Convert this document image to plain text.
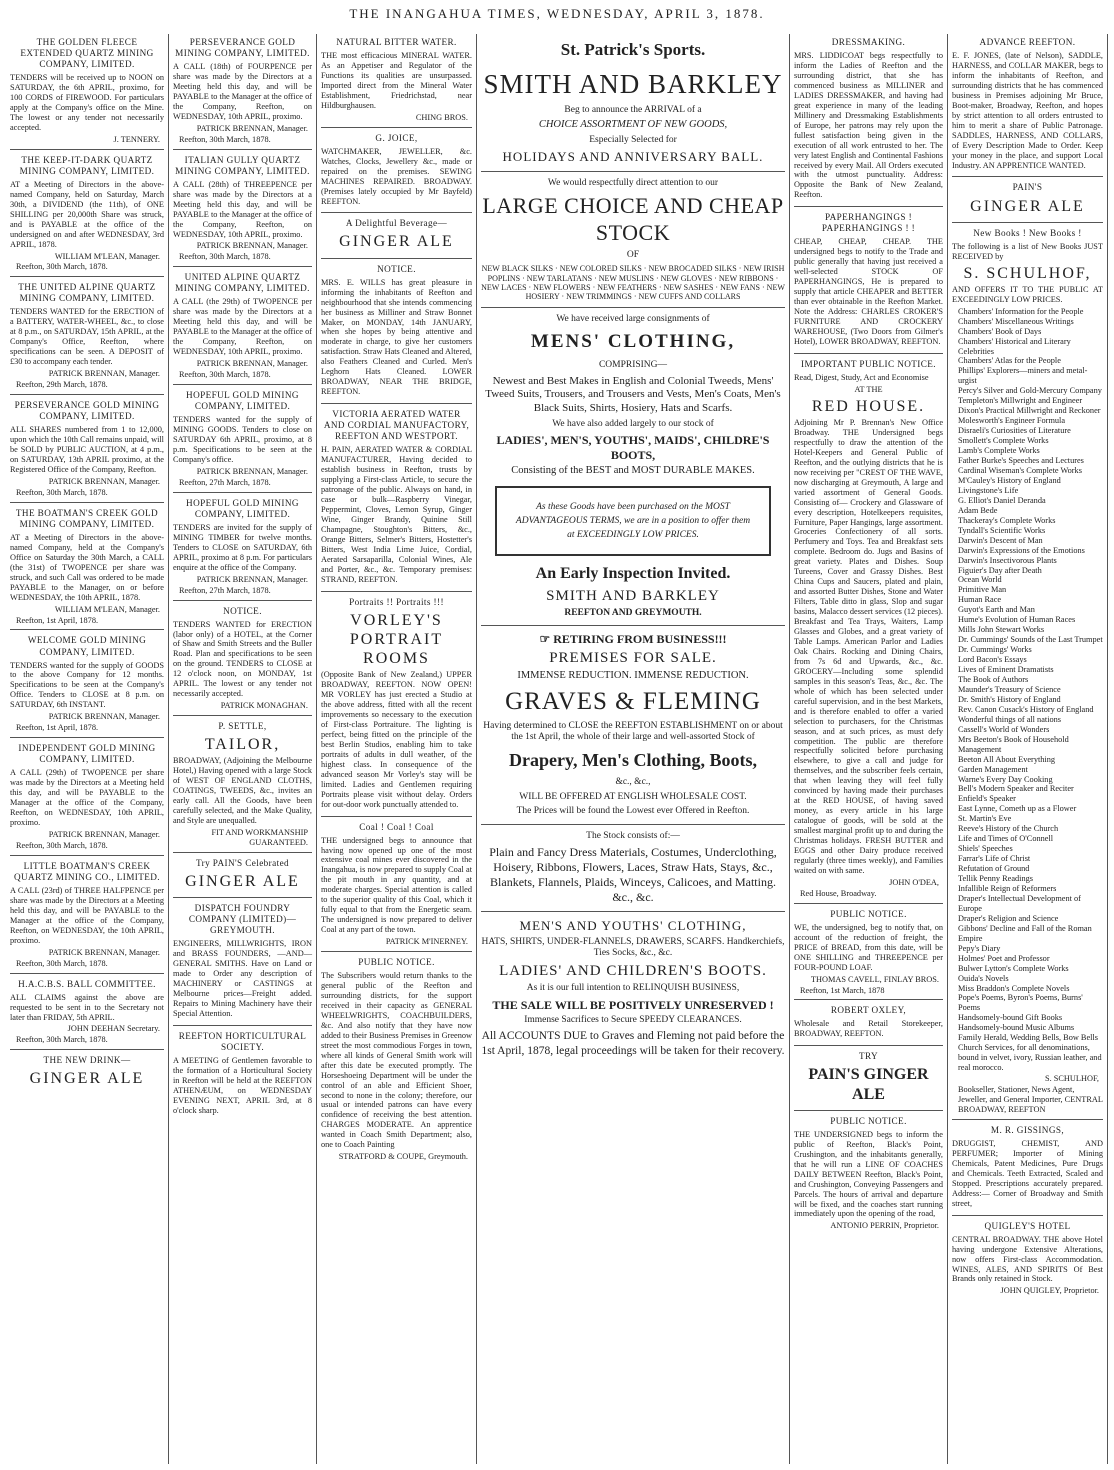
THE INANGAHUA TIMES, WEDNESDAY, APRIL 3, 1878.
THE GOLDEN FLEECE EXTENDED QUARTZ MINING COMPANY, LIMITED.
TENDERS will be received up to NOON on SATURDAY, the 6th APRIL, proximo, for 100 CORDS of FIREWOOD. For particulars apply at the Company's office on the Mine. The lowest or any tender not necessarily accepted.
J. TENNERY.
THE KEEP-IT-DARK QUARTZ MINING COMPANY, LIMITED.
AT a Meeting of Directors in the above-named Company, held on Saturday, March 30th, a DIVIDEND (the 11th), of ONE SHILLING per 20,000th Share was struck, and is PAYABLE at the office of the undersigned on and after WEDNESDAY, 3rd APRIL, 1878.
WILLIAM M'LEAN, Manager.
Reefton, 30th March, 1878.
THE UNITED ALPINE QUARTZ MINING COMPANY, LIMITED.
TENDERS WANTED for the ERECTION of a BATTERY, WATER-WHEEL, &c., to close at 8 p.m., on SATURDAY, 15th APRIL, at the Company's Office, Reefton, where specifications can be seen. A DEPOSIT of £30 to accompany each tender.
PATRICK BRENNAN, Manager.
Reefton, 29th March, 1878.
PERSEVERANCE GOLD MINING COMPANY, LIMITED.
ALL SHARES numbered from 1 to 12,000, upon which the 10th Call remains unpaid, will be SOLD by PUBLIC AUCTION, at 4 p.m., on SATURDAY, 13th APRIL proximo, at the Registered Office of the Company, Reefton.
PATRICK BRENNAN, Manager.
Reefton, 30th March, 1878.
THE BOATMAN'S CREEK GOLD MINING COMPANY, LIMITED.
AT a Meeting of Directors in the above-named Company, held at the Company's Office on Saturday the 30th March, a CALL (the 31st) of TWOPENCE per share was struck, and such Call was ordered to be made PAYABLE to the Manager, on or before WEDNESDAY, the 10th APRIL, 1878.
WILLIAM M'LEAN, Manager.
Reefton, 1st April, 1878.
WELCOME GOLD MINING COMPANY, LIMITED.
TENDERS wanted for the supply of GOODS to the above Company for 12 months. Specifications to be seen at the Company's Office. Tenders to CLOSE at 8 p.m. on SATURDAY, 6th INSTANT.
PATRICK BRENNAN, Manager.
Reefton, 1st April, 1878.
INDEPENDENT GOLD MINING COMPANY, LIMITED.
A CALL (29th) of TWOPENCE per share was made by the Directors at a Meeting held this day, and will be PAYABLE to the Manager at the office of the Company, Reefton, on WEDNESDAY, 10th APRIL, proximo.
PATRICK BRENNAN, Manager.
Reefton, 30th March, 1878.
LITTLE BOATMAN'S CREEK QUARTZ MINING CO., LIMITED.
A CALL (23rd) of THREE HALFPENCE per share was made by the Directors at a Meeting held this day, and will be PAYABLE to the Manager at the office of the Company, Reefton, on WEDNESDAY, the 10th APRIL, proximo.
PATRICK BRENNAN, Manager.
Reefton, 30th March, 1878.
H.A.C.B.S. BALL COMMITTEE.
ALL CLAIMS against the above are requested to be sent in to the Secretary not later than FRIDAY, 5th APRIL.
JOHN DEEHAN Secretary.
Reefton, 30th March, 1878.
THE NEW DRINK—
GINGER ALE
PERSEVERANCE GOLD MINING COMPANY, LIMITED.
A CALL (18th) of FOURPENCE per share was made by the Directors at a Meeting held this day, and will be PAYABLE to the Manager at the office of the Company, Reefton, on WEDNESDAY, 10th APRIL, proximo.
PATRICK BRENNAN, Manager.
Reefton, 30th March, 1878.
ITALIAN GULLY QUARTZ MINING COMPANY, LIMITED.
A CALL (28th) of THREEPENCE per share was made by the Directors at a Meeting held this day, and will be PAYABLE to the Manager at the office of the Company, Reefton, on WEDNESDAY, 10th APRIL, proximo.
PATRICK BRENNAN, Manager.
Reefton, 30th March, 1878.
UNITED ALPINE QUARTZ MINING COMPANY, LIMITED.
A CALL (the 29th) of TWOPENCE per share was made by the Directors at a Meeting held this day, and will be PAYABLE to the Manager at the office of the Company, Reefton, on WEDNESDAY, 10th APRIL, proximo.
PATRICK BRENNAN, Manager.
Reefton, 30th March, 1878.
HOPEFUL GOLD MINING COMPANY, LIMITED.
TENDERS wanted for the supply of MINING GOODS. Tenders to close on SATURDAY 6th APRIL, proximo, at 8 p.m. Specifications to be seen at the Company's office.
PATRICK BRENNAN, Manager.
Reefton, 27th March, 1878.
HOPEFUL GOLD MINING COMPANY, LIMITED.
TENDERS are invited for the supply of MINING TIMBER for twelve months. Tenders to CLOSE on SATURDAY, 6th APRIL, proximo at 8 p.m. For particulars enquire at the office of the Company.
PATRICK BRENNAN, Manager.
Reefton, 27th March, 1878.
NOTICE.
TENDERS WANTED for ERECTION (labor only) of a HOTEL, at the Corner of Shaw and Smith Streets and the Buller Road. Plan and specifications to be seen on the ground. TENDERS to CLOSE at 12 o'clock noon, on MONDAY, 1st APRIL. The lowest or any tender not necessarily accepted.
PATRICK MONAGHAN.
P. SETTLE,
TAILOR,
BROADWAY, (Adjoining the Melbourne Hotel,) Having opened with a large Stock of WEST OF ENGLAND CLOTHS, COATINGS, TWEEDS, &c., invites an early call. All the Goods, have been carefully selected, and the Make Quality, and Style are unequalled.
FIT AND WORKMANSHIP GUARANTEED.
Try PAIN'S Celebrated
GINGER ALE
DISPATCH FOUNDRY COMPANY (LIMITED)—GREYMOUTH.
ENGINEERS, MILLWRIGHTS, IRON and BRASS FOUNDERS, —AND— GENERAL SMITHS. Have on Land or made to Order any description of MACHINERY or CASTINGS at Melbourne prices—Freight added. Repairs to Mining Machinery have their Special Attention.
REEFTON HORTICULTURAL SOCIETY.
A MEETING of Gentlemen favorable to the formation of a Horticultural Society in Reefton will be held at the REEFTON ATHENÆUM, on WEDNESDAY EVENING NEXT, APRIL 3rd, at 8 o'clock sharp.
NATURAL BITTER WATER.
THE most efficacious MINERAL WATER. As an Appetiser and Regulator of the Functions its qualities are unsurpassed. Imported direct from the Mineral Water Establishment, Friedrichstad, near Hildburghausen.
CHING BROS.
G. JOICE,
WATCHMAKER, JEWELLER, &c. Watches, Clocks, Jewellery &c., made or repaired on the premises. SEWING MACHINES REPAIRED. BROADWAY. (Premises lately occupied by Mr Bayfeld) REEFTON.
A Delightful Beverage—
GINGER ALE
NOTICE.
MRS. E. WILLS has great pleasure in informing the inhabitants of Reefton and neighbourhood that she intends commencing her business as Milliner and Straw Bonnet Maker, on MONDAY, 14th JANUARY, when she hopes by being attentive and moderate in charge, to give her customers satisfaction. Straw Hats Cleaned and Altered, also Feathers Cleaned and Curled. Men's Leghorn Hats Cleaned. LOWER BROADWAY, NEAR THE BRIDGE, REEFTON.
VICTORIA AERATED WATER AND CORDIAL MANUFACTORY, REEFTON AND WESTPORT.
H. PAIN, AERATED WATER & CORDIAL MANUFACTURER, Having decided to establish business in Reefton, trusts by supplying a First-class Article, to secure the patronage of the public. Always on hand, in case or bulk—Raspberry Vinegar, Peppermint, Cloves, Lemon Syrup, Ginger Wine, Ginger Brandy, Quinine Still Champagne, Stoughton's Bitters, &c., Orange Bitters, Selmer's Bitters, Hostetter's Bitters, West India Lime Juice, Cordial, Aerated Sarsaparilla, Colonial Wines, Ale and Porter, &c., &c. Temporary premises: STRAND, REEFTON.
Portraits !! Portraits !!!
VORLEY'S PORTRAIT ROOMS
(Opposite Bank of New Zealand,) UPPER BROADWAY, REEFTON. NOW OPEN! MR VORLEY has just erected a Studio at the above address, fitted with all the recent improvements so necessary to the execution of First-class Portraiture. The lighting is perfect, being fitted on the principle of the best Berlin Studios, enabling him to take portraits of adults in dull weather, of the highest class. In consequence of the advanced season Mr Vorley's stay will be limited. Ladies and Gentlemen requiring Portraits please visit without delay. Orders for out-door work punctually attended to.
Coal ! Coal ! Coal
THE undersigned begs to announce that having now opened up one of the most extensive coal mines ever discovered in the Inangahua, is now prepared to supply Coal at the pit mouth in any quantity, and at moderate charges. Special attention is called to the superior quality of this Coal, which it fully equal to that from the Energetic seam. The undersigned is now prepared to deliver Coal at any part of the town.
PATRICK M'INERNEY.
PUBLIC NOTICE.
The Subscribers would return thanks to the general public of the Reefton and surrounding districts, for the support received in their capacity as GENERAL WHEELWRIGHTS, COACHBUILDERS, &c. And also notify that they have now added to their Business Premises in Greenow street the most commodious Forges in town, where all kinds of General Smith work will after this date be executed promptly. The Horseshoeing Department will be under the control of an able and Efficient Shoer, second to none in the colony; therefore, our usual or intended patrons can have every confidence of receiving the best attention. CHARGES MODERATE. An apprentice wanted in Coach Smith Department; also, one to Coach Painting
STRATFORD & COUPE, Greymouth.
St. Patrick's Sports.
SMITH AND BARKLEY
Beg to announce the ARRIVAL of a
CHOICE ASSORTMENT OF NEW GOODS,
Especially Selected for
HOLIDAYS AND ANNIVERSARY BALL.
We would respectfully direct attention to our
LARGE CHOICE AND CHEAP STOCK
OF
NEW BLACK SILKS · NEW COLORED SILKS · NEW BROCADED SILKS · NEW IRISH POPLINS · NEW TARLATANS · NEW MUSLINS · NEW GLOVES · NEW RIBBONS · NEW LACES · NEW FLOWERS · NEW FEATHERS · NEW SASHES · NEW FANS · NEW HOSIERY · NEW TRIMMINGS · NEW CUFFS AND COLLARS
We have received large consignments of
MENS' CLOTHING,
COMPRISING—
Newest and Best Makes in English and Colonial Tweeds, Mens' Tweed Suits, Trousers, and Trousers and Vests, Men's Coats, Men's Black Suits, Shirts, Hosiery, Hats and Scarfs.
We have also added largely to our stock of
LADIES', MEN'S, YOUTHS', MAIDS', CHILDRE'S BOOTS,
Consisting of the BEST and MOST DURABLE MAKES.
As these Goods have been purchased on the MOST ADVANTAGEOUS TERMS, we are in a position to offer them at EXCEEDINGLY LOW PRICES.
An Early Inspection Invited.
SMITH AND BARKLEY
REEFTON AND GREYMOUTH.
☞ RETIRING FROM BUSINESS!!!
PREMISES FOR SALE.
IMMENSE REDUCTION. IMMENSE REDUCTION.
GRAVES & FLEMING
Having determined to CLOSE the REEFTON ESTABLISHMENT on or about the 1st April, the whole of their large and well-assorted Stock of
Drapery, Men's Clothing, Boots,
&c., &c.,
WILL BE OFFERED AT ENGLISH WHOLESALE COST.
The Prices will be found the Lowest ever Offered in Reefton.
The Stock consists of:—
Plain and Fancy Dress Materials, Costumes, Underclothing, Hoisery, Ribbons, Flowers, Laces, Straw Hats, Stays, &c., Blankets, Flannels, Plaids, Winceys, Calicoes, and Matting. &c., &c.
MEN'S AND YOUTHS' CLOTHING,
HATS, SHIRTS, UNDER-FLANNELS, DRAWERS, SCARFS. Handkerchiefs, Ties Socks, &c., &c.
LADIES' AND CHILDREN'S BOOTS.
As it is our full intention to RELINQUISH BUSINESS,
THE SALE WILL BE POSITIVELY UNRESERVED !
Immense Sacrifices to Secure SPEEDY CLEARANCES.
All ACCOUNTS DUE to Graves and Fleming not paid before the 1st April, 1878, legal proceedings will be taken for their recovery.
DRESSMAKING.
MRS. LIDDICOAT begs respectfully to inform the Ladies of Reefton and the surrounding district, that she has commenced business as MILLINER and LADIES DRESSMAKER, and having had great experience in many of the leading Millinery and Dressmaking Establishments of Europe, her patrons may rely upon the fullest satisfaction being given in the execution of all work entrusted to her. The very latest English and Continental Fashions received by every Mail. All Orders executed with the utmost punctuality. Address: Opposite the Bank of New Zealand, Reefton.
PAPERHANGINGS ! PAPERHANGINGS ! !
CHEAP, CHEAP, CHEAP. THE undersigned begs to notify to the Trade and public generally that having just received a well-selected STOCK OF PAPERHANGINGS, He is prepared to supply that article CHEAPER and BETTER than ever obtainable in the Reefton Market. Note the Address: CHARLES CROKER'S FURNITURE AND CROCKERY WAREHOUSE, (Two Doors from Gilmer's Hotel), LOWER BROADWAY, REEFTON.
IMPORTANT PUBLIC NOTICE.
Read, Digest, Study, Act and Economise
AT THE
RED HOUSE.
Adjoining Mr P. Brennan's New Office Broadway. THE Undersigned begs respectfully to draw the attention of the Hotel-Keepers and General Public of Reefton, and the outlying districts that he is now receiving per "CREST OF THE WAVE, now discharging at Greymouth, A large and varied assortment of General Goods. Consisting of— Crockery and Glassware of every description, Hotelkeepers requisites, Furniture, Paper Hangings, large assortment. Groceries Confectionery of all sorts. Perfumery and Toys. Tea and Breakfast sets complete. Bedroom do. Jugs and Basins of great variety. Plates and Dishes. Soup Tureens, Cover and Grassy Dishes. Best China Cups and Saucers, plated and plain, and assorted Butter Dishes, Stone and Water Filters, Table ditto in glass, Slop and sugar basins, Malacco dessert services (12 pieces). Breakfast and Tea Trays, Waiters, Lamp Glasses and Globes, and a great variety of Table Lamps. American Parlor and Ladies Oak Chairs. Rocking and Dining Chairs, from 7s 6d and Upwards, &c., &c. GROCERY—Including some splendid samples in this season's Teas, &c., &c. The whole of which has been selected under careful supervision, and in the best Markets, and is therefore enabled to offer a varied selection to purchasers, for the Christmas season, and at such prices, as must defy competition. The public are therefore respectfully solicited before purchasing elsewhere, to give a call and judge for themselves, and the subscriber feels certain, that when leaving they will feel fully convinced by having made their purchases at the RED HOUSE, of having saved money, as every article in his large catalogue of goods, will be sold at the smallest marginal profit up to and during the Christmas holidays. FRESH BUTTER and EGGS and other Dairy produce received regularly (three times weekly), and Families waited on with same.
JOHN O'DEA,
Red House, Broadway.
PUBLIC NOTICE.
WE, the undersigned, beg to notify that, on account of the reduction of freight, the PRICE of BREAD, from this date, will be ONE SHILLING and THREEPENCE per FOUR-POUND LOAF.
THOMAS CAVELL, FINLAY BROS.
Reefton, 1st March, 1878
ROBERT OXLEY,
Wholesale and Retail Storekeeper, BROADWAY, REEFTON.
TRY
PAIN'S GINGER ALE
PUBLIC NOTICE.
THE UNDERSIGNED begs to inform the public of Reefton, Black's Point, Crushington, and the inhabitants generally, that he will run a LINE OF COACHES DAILY BETWEEN Reefton, Black's Point, and Crushington, Conveying Passengers and Parcels. The hours of arrival and departure will be fixed, and the coaches start running immediately upon the opening of the road,
ANTONIO PERRIN, Proprietor.
ADVANCE REEFTON.
E. F. JONES, (late of Nelson), SADDLE, HARNESS, and COLLAR MAKER, begs to inform the inhabitants of Reefton, and surrounding districts that he has commenced business in Premises adjoining Mr Bruce, Boot-maker, Broadway, Reefton, and hopes by strict attention to all orders entrusted to him to merit a share of Public Patronage. SADDLES, HARNESS, AND COLLARS, of Every Description Made to Order. Keep your money in the place, and support Local Industry. AN APPRENTICE WANTED.
PAIN'S
GINGER ALE
New Books ! New Books !
The following is a list of New Books JUST RECEIVED by
S. SCHULHOF,
AND OFFERS IT TO THE PUBLIC AT EXCEEDINGLY LOW PRICES.
Chambers' Information for the People
Chambers' Miscellaneous Writings
Chambers' Book of Days
Chambers' Historical and Literary Celebrities
Chambers' Atlas for the People
Phillips' Explorers—miners and metal-urgist
Percy's Silver and Gold-Mercury Company
Templeton's Millwright and Engineer
Dixon's Practical Millwright and Reckoner
Molesworth's Engineer Formula
Disraeli's Curiosities of Literature
Smollett's Complete Works
Lamb's Complete Works
Father Burke's Speeches and Lectures
Cardinal Wiseman's Complete Works
M'Cauley's History of England
Livingstone's Life
G. Elliot's Daniel Deranda
Adam Bede
Thackeray's Complete Works
Tyndall's Scientific Works
Darwin's Descent of Man
Darwin's Expressions of the Emotions
Darwin's Insectivorous Plants
Figuier's Day after Death
Ocean World
Primitive Man
Human Race
Guyot's Earth and Man
Hume's Evolution of Human Races
Mills John Stewart Works
Dr. Cummings' Sounds of the Last Trumpet
Dr. Cummings' Works
Lord Bacon's Essays
Lives of Eminent Dramatists
The Book of Authors
Maunder's Treasury of Science
Dr. Smith's History of England
Rev. Canon Cusack's History of England
Wonderful things of all nations
Cassell's World of Wonders
Mrs Beeton's Book of Household Management
Beeton All About Everything
Garden Management
Warne's Every Day Cooking
Bell's Modern Speaker and Reciter
Enfield's Speaker
East Lynne, Cometh up as a Flower
St. Martin's Eve
Reeve's History of the Church
Life and Times of O'Connell
Shiels' Speeches
Farrar's Life of Christ
Refutation of Ground
Tellik Penny Readings
Infallible Reign of Reformers
Draper's Intellectual Development of Europe
Draper's Religion and Science
Gibbons' Decline and Fall of the Roman Empire
Pepy's Diary
Holmes' Poet and Professor
Bulwer Lytton's Complete Works
Ouida's Novels
Miss Braddon's Complete Novels
Pope's Poems, Byron's Poems, Burns' Poems
Handsomely-bound Gift Books
Handsomely-bound Music Albums
Family Herald, Wedding Bells, Bow Bells
Church Services, for all denominations, bound in velvet, ivory, Russian leather, and real morocco.
S. SCHULHOF,
Bookseller, Stationer, News Agent, Jeweller, and General Importer, CENTRAL BROADWAY, REEFTON
M. R. GISSINGS,
DRUGGIST, CHEMIST, AND PERFUMER; Importer of Mining Chemicals, Patent Medicines, Pure Drugs and Chemicals. Teeth Extracted, Scaled and Stopped. Prescriptions accurately prepared. Address:— Corner of Broadway and Smith street,
QUIGLEY'S HOTEL
CENTRAL BROADWAY. THE above Hotel having undergone Extensive Alterations, now offers First-class Accommodation. WINES, ALES, AND SPIRITS Of Best Brands only retained in Stock.
JOHN QUIGLEY, Proprietor.
